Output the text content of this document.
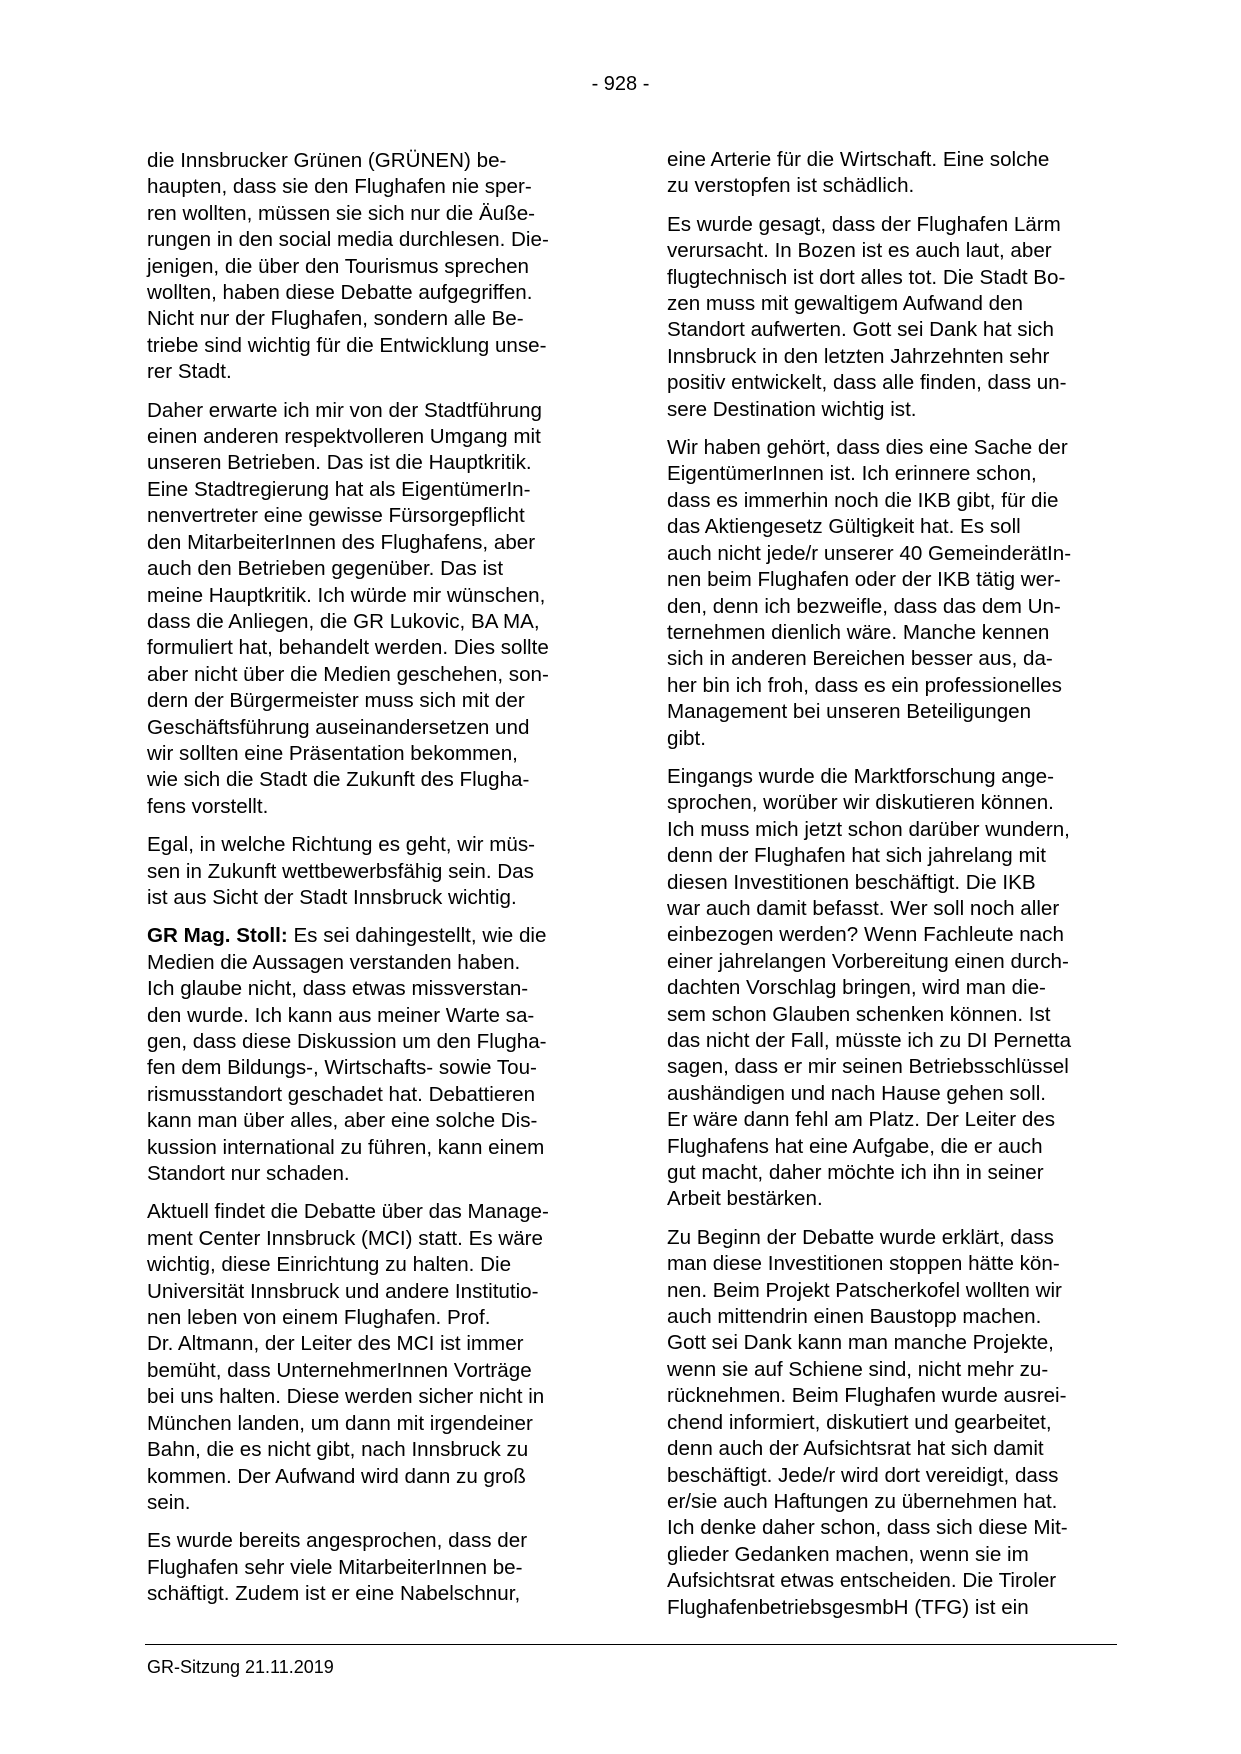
- 928 -

die Innsbrucker Grünen (GRÜNEN) be-
haupten, dass sie den Flughafen nie sper-
ren wollten, müssen sie sich nur die Äuße-
rungen in den social media durchlesen. Die-
jenigen, die über den Tourismus sprechen
wollten, haben diese Debatte aufgegriffen.
Nicht nur der Flughafen, sondern alle Be-
triebe sind wichtig für die Entwicklung unse-
rer Stadt.

Daher erwarte ich mir von der Stadtführung
einen anderen respektvolleren Umgang mit
unseren Betrieben. Das ist die Hauptkritik.
Eine Stadtregierung hat als EigentümerIn-
nenvertreter eine gewisse Fürsorgepflicht
den MitarbeiterInnen des Flughafens, aber
auch den Betrieben gegenüber. Das ist
meine Hauptkritik. Ich würde mir wünschen,
dass die Anliegen, die GR Lukovic, BA MA,
formuliert hat, behandelt werden. Dies sollte
aber nicht über die Medien geschehen, son-
dern der Bürgermeister muss sich mit der
Geschäftsführung auseinandersetzen und
wir sollten eine Präsentation bekommen,
wie sich die Stadt die Zukunft des Flugha-
fens vorstellt.

Egal, in welche Richtung es geht, wir müs-
sen in Zukunft wettbewerbsfähig sein. Das
ist aus Sicht der Stadt Innsbruck wichtig.

GR Mag. Stoll: Es sei dahingestellt, wie die
Medien die Aussagen verstanden haben.
Ich glaube nicht, dass etwas missverstan-
den wurde. Ich kann aus meiner Warte sa-
gen, dass diese Diskussion um den Flugha-
fen dem Bildungs-, Wirtschafts- sowie Tou-
rismusstandort geschadet hat. Debattieren
kann man über alles, aber eine solche Dis-
kussion international zu führen, kann einem
Standort nur schaden.

Aktuell findet die Debatte über das Manage-
ment Center Innsbruck (MCI) statt. Es wäre
wichtig, diese Einrichtung zu halten. Die
Universität Innsbruck und andere Institutio-
nen leben von einem Flughafen. Prof.
Dr. Altmann, der Leiter des MCI ist immer
bemüht, dass UnternehmerInnen Vorträge
bei uns halten. Diese werden sicher nicht in
München landen, um dann mit irgendeiner
Bahn, die es nicht gibt, nach Innsbruck zu
kommen. Der Aufwand wird dann zu groß
sein.

Es wurde bereits angesprochen, dass der
Flughafen sehr viele MitarbeiterInnen be-
schäftigt. Zudem ist er eine Nabelschnur,

eine Arterie für die Wirtschaft. Eine solche
zu verstopfen ist schädlich.

Es wurde gesagt, dass der Flughafen Lärm
verursacht. In Bozen ist es auch laut, aber
flugtechnisch ist dort alles tot. Die Stadt Bo-
zen muss mit gewaltigem Aufwand den
Standort aufwerten. Gott sei Dank hat sich
Innsbruck in den letzten Jahrzehnten sehr
positiv entwickelt, dass alle finden, dass un-
sere Destination wichtig ist.

Wir haben gehört, dass dies eine Sache der
EigentümerInnen ist. Ich erinnere schon,
dass es immerhin noch die IKB gibt, für die
das Aktiengesetz Gültigkeit hat. Es soll
auch nicht jede/r unserer 40 GemeinderätIn-
nen beim Flughafen oder der IKB tätig wer-
den, denn ich bezweifle, dass das dem Un-
ternehmen dienlich wäre. Manche kennen
sich in anderen Bereichen besser aus, da-
her bin ich froh, dass es ein professionelles
Management bei unseren Beteiligungen
gibt.

Eingangs wurde die Marktforschung ange-
sprochen, worüber wir diskutieren können.
Ich muss mich jetzt schon darüber wundern,
denn der Flughafen hat sich jahrelang mit
diesen Investitionen beschäftigt. Die IKB
war auch damit befasst. Wer soll noch aller
einbezogen werden? Wenn Fachleute nach
einer jahrelangen Vorbereitung einen durch-
dachten Vorschlag bringen, wird man die-
sem schon Glauben schenken können. Ist
das nicht der Fall, müsste ich zu DI Pernetta
sagen, dass er mir seinen Betriebsschlüssel
aushändigen und nach Hause gehen soll.
Er wäre dann fehl am Platz. Der Leiter des
Flughafens hat eine Aufgabe, die er auch
gut macht, daher möchte ich ihn in seiner
Arbeit bestärken.

Zu Beginn der Debatte wurde erklärt, dass
man diese Investitionen stoppen hätte kön-
nen. Beim Projekt Patscherkofel wollten wir
auch mittendrin einen Baustopp machen.
Gott sei Dank kann man manche Projekte,
wenn sie auf Schiene sind, nicht mehr zu-
rücknehmen. Beim Flughafen wurde ausrei-
chend informiert, diskutiert und gearbeitet,
denn auch der Aufsichtsrat hat sich damit
beschäftigt. Jede/r wird dort vereidigt, dass
er/sie auch Haftungen zu übernehmen hat.
Ich denke daher schon, dass sich diese Mit-
glieder Gedanken machen, wenn sie im
Aufsichtsrat etwas entscheiden. Die Tiroler
FlughafenbetriebsgesmbH (TFG) ist ein

GR-Sitzung 21.11.2019
